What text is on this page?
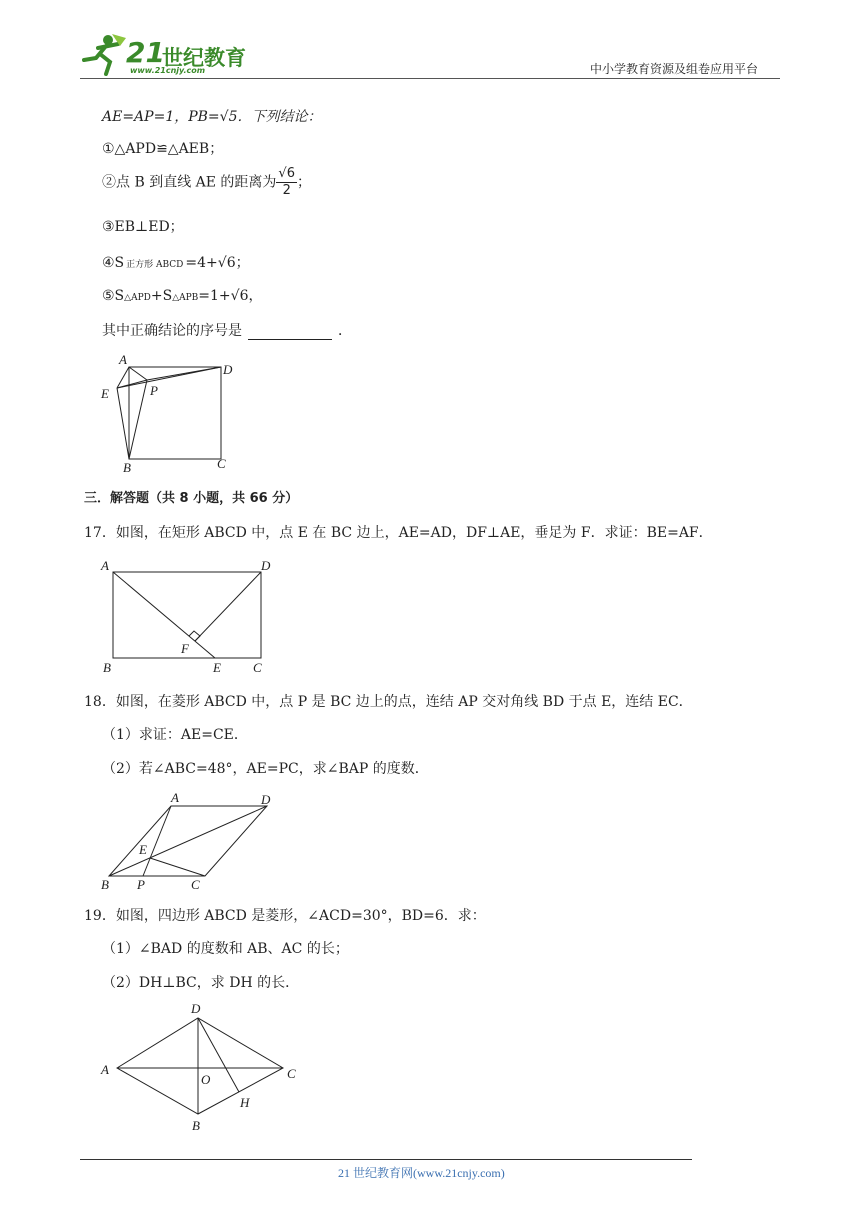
21
世纪教育
www.21cnjy.com	中小学教育资源及组卷应用平台
AE=AP=1，PB=√5．下列结论：
①△APD≌△AEB；
②点 B 到直线 AE 的距离为 $\frac{√6}{2}$ ；
③EB⊥ED；
④S 正方形 ABCD =4+√6；
⑤S△APD+S△APB=1+√6，
其中正确结论的序号是	．
A
D
E	P
B	C
三．解答题（共 8 小题，共 66 分）
17．如图，在矩形 ABCD 中，点 E 在 BC 边上，AE=AD，DF⊥AE，垂足为 F．求证：BE=AF．
A	D
B
F
E C
18．如图，在菱形 ABCD 中，点 P 是 BC 边上的点，连结 AP 交对角线 BD 于点 E，连结 EC．
（1）求证：AE=CE．
（2）若∠ABC=48°，AE=PC，求∠BAP 的度数．
A	D
E
B P	C
19．如图，四边形 ABCD 是菱形，∠ACD=30°，BD=6．求：
（1）∠BAD 的度数和 AB、AC 的长；
（2）DH⊥BC，求 DH 的长．
D
A
O	C
H
B
21 世纪教育网(www.21cnjy.com)
